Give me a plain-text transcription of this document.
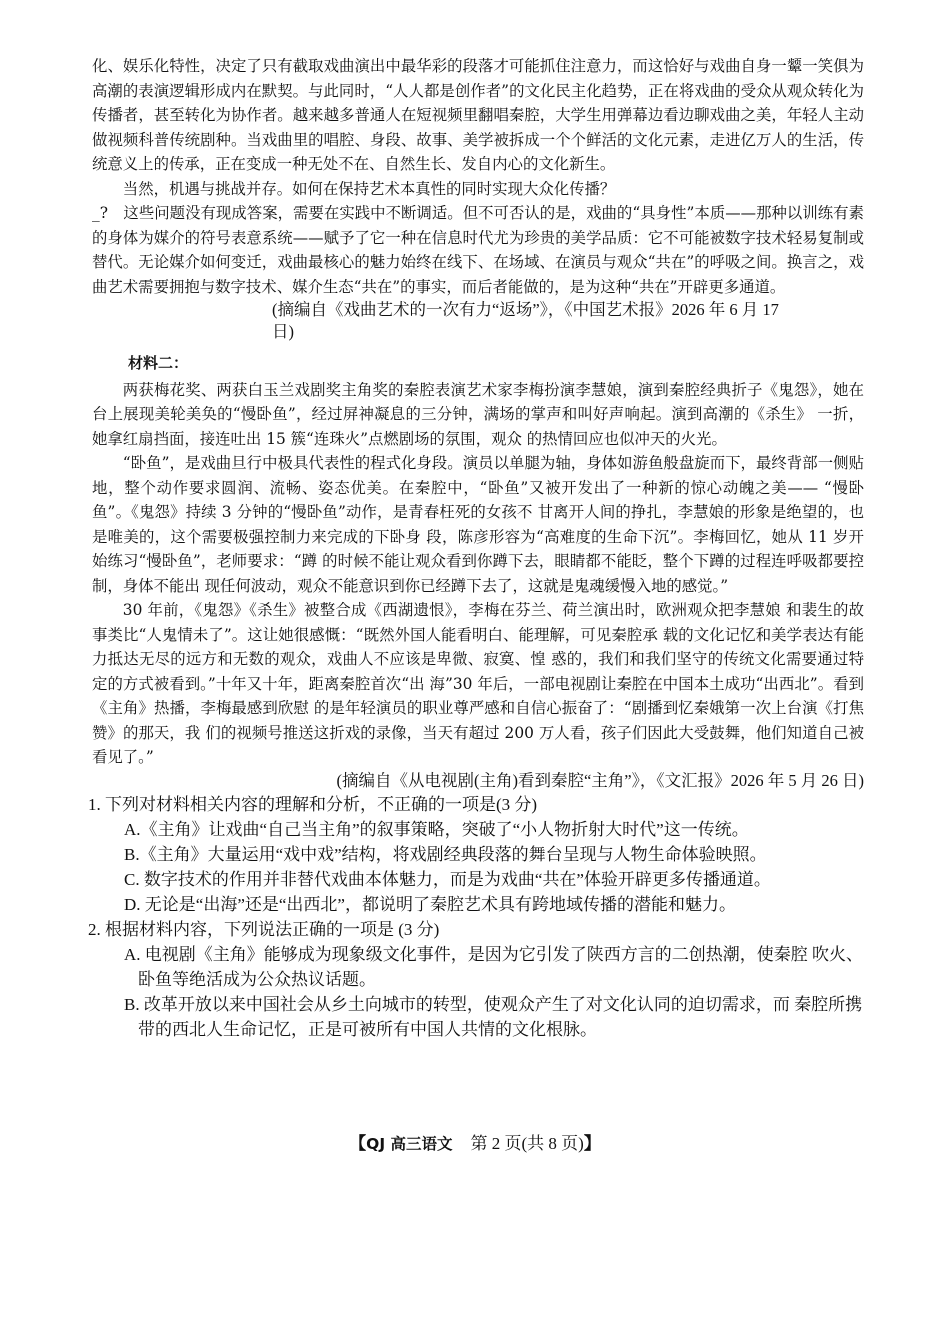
化、娱乐化特性，决定了只有截取戏曲演出中最华彩的段落才可能抓住注意力，而这恰好与戏曲自身一颦一笑俱为高潮的表演逻辑形成内在默契。与此同时，“人人都是创作者”的文化民主化趋势，正在将戏曲的受众从观众转化为传播者，甚至转化为协作者。越来越多普通人在短视频里翻唱秦腔，大学生用弹幕边看边聊戏曲之美，年轻人主动做视频科普传统剧种。当戏曲里的唱腔、身段、故事、美学被拆成一个个鲜活的文化元素，走进亿万人的生活，传统意义上的传承，正在变成一种无处不在、自然生长、发自内心的文化新生。

当然，机遇与挑战并存。如何在保持艺术本真性的同时实现大众化传播？

_?　这些问题没有现成答案，需要在实践中不断调适。但不可否认的是，戏曲的“具身性”本质——那种以训练有素的身体为媒介的符号表意系统——赋予了它一种在信息时代尤为珍贵的美学品质：它不可能被数字技术轻易复制或替代。无论媒介如何变迁，戏曲最核心的魅力始终在线下、在场域、在演员与观众“共在”的呼吸之间。换言之，戏曲艺术需要拥抱与数字技术、媒介生态“共在”的事实，而后者能做的，是为这种“共在”开辟更多通道。

(摘编自《戏曲艺术的一次有力“返场”》，《中国艺术报》2026 年 6 月 17

日)

材料二：

两获梅花奖、两获白玉兰戏剧奖主角奖的秦腔表演艺术家李梅扮演李慧娘，演到秦腔经典折子《鬼怨》，她在台上展现美轮美奂的“慢卧鱼”，经过屏神凝息的三分钟，满场的掌声和叫好声响起。演到高潮的《杀生》 一折，她拿红扇挡面，接连吐出 15 簇“连珠火”点燃剧场的氛围，观众 的热情回应也似冲天的火光。

“卧鱼”，是戏曲旦行中极具代表性的程式化身段。演员以单腿为轴，身体如游鱼般盘旋而下，最终背部一侧贴地，整个动作要求圆润、流畅、姿态优美。在秦腔中，“卧鱼”又被开发出了一种新的惊心动魄之美—— “慢卧鱼”。《鬼怨》持续 3 分钟的“慢卧鱼”动作，是青春枉死的女孩不 甘离开人间的挣扎，李慧娘的形象是绝望的，也是唯美的，这个需要极强控制力来完成的下卧身 段，陈彦形容为“高难度的生命下沉”。李梅回忆，她从 11 岁开始练习“慢卧鱼”，老师要求：“蹲 的时候不能让观众看到你蹲下去，眼睛都不能眨，整个下蹲的过程连呼吸都要控制，身体不能出 现任何波动，观众不能意识到你已经蹲下去了，这就是鬼魂缓慢入地的感觉。”

30 年前，《鬼怨》《杀生》被整合成《西湖遗恨》，李梅在芬兰、荷兰演出时，欧洲观众把李慧娘 和裴生的故事类比“人鬼情未了”。这让她很感慨：“既然外国人能看明白、能理解，可见秦腔承 载的文化记忆和美学表达有能力抵达无尽的远方和无数的观众，戏曲人不应该是卑微、寂寞、惶 惑的，我们和我们坚守的传统文化需要通过特定的方式被看到。”十年又十年，距离秦腔首次“出 海”30 年后，一部电视剧让秦腔在中国本土成功“出西北”。看到《主角》热播，李梅最感到欣慰 的是年轻演员的职业尊严感和自信心振奋了：“剧播到忆秦娥第一次上台演《打焦赞》的那天，我 们的视频号推送这折戏的录像，当天有超过 200 万人看，孩子们因此大受鼓舞，他们知道自己被 看见了。”

(摘编自《从电视剧(主角)看到秦腔“主角”》，《文汇报》2026 年 5 月 26 日)

1. 下列对材料相关内容的理解和分析，不正确的一项是(3 分)

A.《主角》让戏曲“自己当主角”的叙事策略，突破了“小人物折射大时代”这一传统。

B.《主角》大量运用“戏中戏”结构，将戏剧经典段落的舞台呈现与人物生命体验映照。

C. 数字技术的作用并非替代戏曲本体魅力，而是为戏曲“共在”体验开辟更多传播通道。

D. 无论是“出海”还是“出西北”，都说明了秦腔艺术具有跨地域传播的潜能和魅力。

2. 根据材料内容，下列说法正确的一项是 (3 分)

A. 电视剧《主角》能够成为现象级文化事件，是因为它引发了陕西方言的二创热潮，使秦腔 吹火、卧鱼等绝活成为公众热议话题。

B. 改革开放以来中国社会从乡土向城市的转型，使观众产生了对文化认同的迫切需求，而 秦腔所携带的西北人生命记忆，正是可被所有中国人共情的文化根脉。

【QJ 高三语文 第 2 页(共 8 页)】
